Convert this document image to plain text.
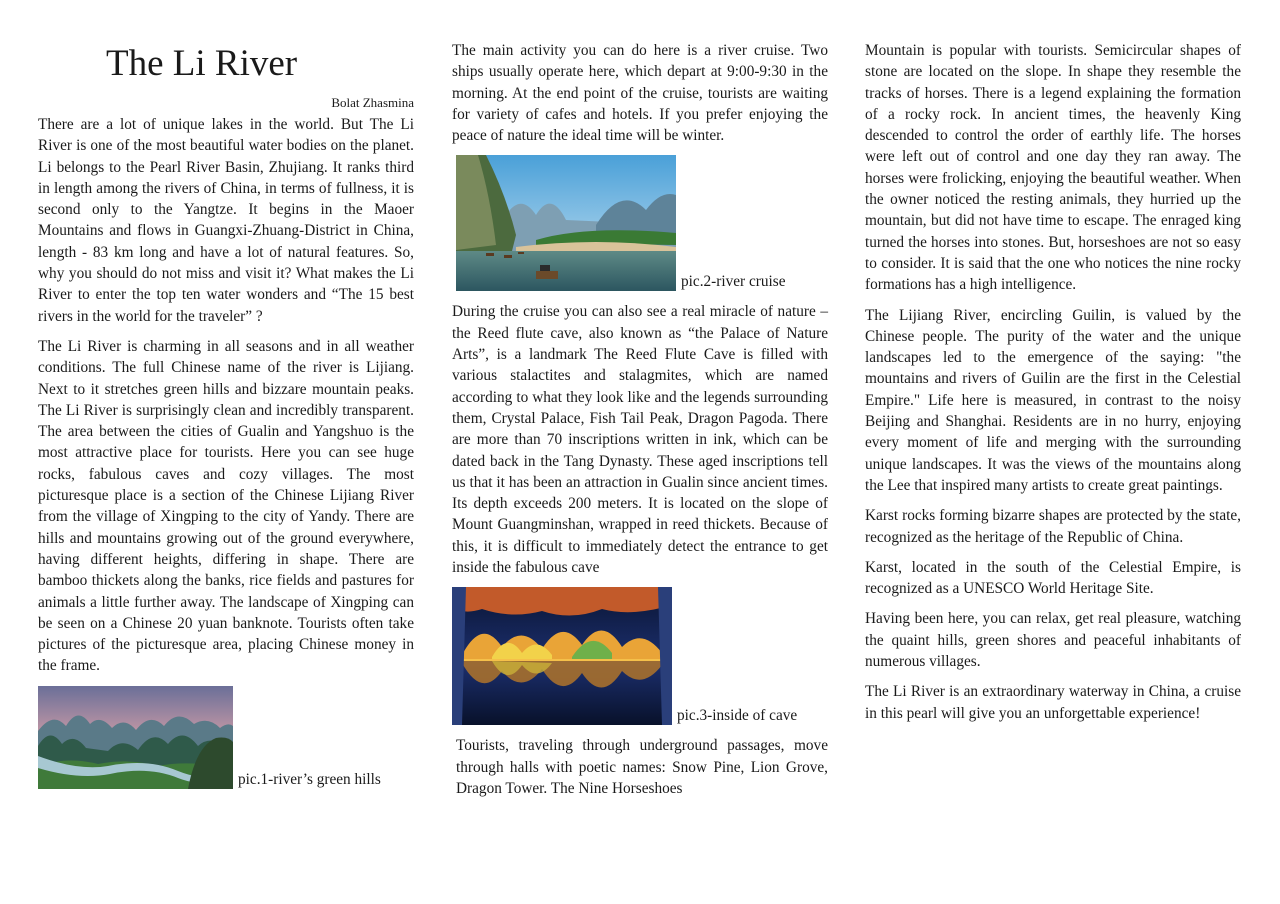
The Li River
Bolat Zhasmina

There are a lot of unique lakes in the world. But The Li River is one of the most beautiful water bodies on the planet. Li belongs to the Pearl River Basin, Zhujiang. It ranks third in length among the rivers of China, in terms of fullness, it is second only to the Yangtze. It begins in the Maoer Mountains and flows in Guangxi-Zhuang-District in China, length - 83 km long and have a lot of natural features. So, why you should do not miss and visit it? What makes the Li River to enter the top ten water wonders and “The 15 best rivers in the world for the traveler” ?

The Li River is charming in all seasons and in all weather conditions. The full Chinese name of the river is Lijiang. Next to it stretches green hills and bizzare mountain peaks. The Li River is surprisingly clean and incredibly transparent. The area between the cities of Gualin and Yangshuo is the most attractive place for tourists. Here you can see huge rocks, fabulous caves and cozy villages. The most picturesque place is a section of the Chinese Lijiang River from the village of Xingping to the city of Yandy. There are hills and mountains growing out of the ground everywhere, having different heights, differing in shape. There are bamboo thickets along the banks, rice fields and pastures for animals a little further away. The landscape of Xingping can be seen on a Chinese 20 yuan banknote. Tourists often take pictures of the picturesque area, placing Chinese money in the frame.

pic.1-river’s green hills

The main activity you can do here is a river cruise. Two ships usually operate here, which depart at 9:00-9:30 in the morning. At the end point of the cruise, tourists are waiting for variety of cafes and hotels. If you prefer enjoying the peace of nature the ideal time will be winter.

pic.2-river cruise

During the cruise you can also see a real miracle of nature – the Reed flute cave, also known as “the Palace of Nature Arts”, is a landmark The Reed Flute Cave is filled with various stalactites and stalagmites, which are named according to what they look like and the legends surrounding them, Crystal Palace, Fish Tail Peak, Dragon Pagoda. There are more than 70 inscriptions written in ink, which can be dated back in the Tang Dynasty. These aged inscriptions tell us that it has been an attraction in Gualin since ancient times. Its depth exceeds 200 meters. It is located on the slope of Mount Guangminshan, wrapped in reed thickets. Because of this, it is difficult to immediately detect the entrance to get inside the fabulous cave

pic.3-inside of cave

Tourists, traveling through underground passages, move through halls with poetic names: Snow Pine, Lion Grove, Dragon Tower. The Nine Horseshoes

Mountain is popular with tourists. Semicircular shapes of stone are located on the slope. In shape they resemble the tracks of horses. There is a legend explaining the formation of a rocky rock. In ancient times, the heavenly King descended to control the order of earthly life. The horses were left out of control and one day they ran away. The horses were frolicking, enjoying the beautiful weather. When the owner noticed the resting animals, they hurried up the mountain, but did not have time to escape. The enraged king turned the horses into stones. But, horseshoes are not so easy to consider. It is said that the one who notices the nine rocky formations has a high intelligence.

The Lijiang River, encircling Guilin, is valued by the Chinese people. The purity of the water and the unique landscapes led to the emergence of the saying: "the mountains and rivers of Guilin are the first in the Celestial Empire." Life here is measured, in contrast to the noisy Beijing and Shanghai. Residents are in no hurry, enjoying every moment of life and merging with the surrounding unique landscapes. It was the views of the mountains along the Lee that inspired many artists to create great paintings.

Karst rocks forming bizarre shapes are protected by the state, recognized as the heritage of the Republic of China.

Karst, located in the south of the Celestial Empire, is recognized as a UNESCO World Heritage Site.

Having been here, you can relax, get real pleasure, watching the quaint hills, green shores and peaceful inhabitants of numerous villages.

The Li River is an extraordinary waterway in China, a cruise in this pearl will give you an unforgettable experience!
